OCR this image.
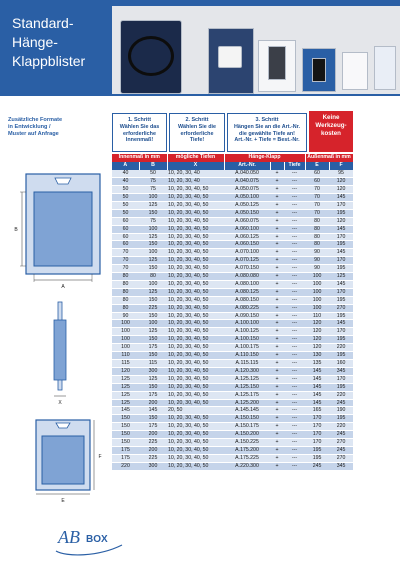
Standard-
Hänge-
Klappblister
Zusätzliche Formate
in Entwicklung /
Muster auf Anfrage
1. Schritt
Wählen Sie das
erforderliche
Innenmaß!
2. Schritt
Wählen Sie die
erforderliche
Tiefe!
3. Schritt
Hängen Sie an die Art.-Nr.
die gewählte Tiefe an!
Art.-Nr. + Tiefe = Best.-Nr.
Keine
Werkzeug-
kosten
Innenmaß in mm		mögliche Tiefen	Hänge-Klapp			Außenmaß in mm	
A	B	X	Art.-Nr.		Tiefe	E	F
40	50	10, 20, 30, 40	A.040.050	+	---	60	95
40	75	10, 20, 30, 40	A.040.075	+	---	60	120
50	75	10, 20, 30, 40, 50	A.050.075	+	---	70	120
50	100	10, 20, 30, 40, 50	A.050.100	+	---	70	145
50	125	10, 20, 30, 40, 50	A.050.125	+	---	70	170
50	150	10, 20, 30, 40, 50	A.050.150	+	---	70	195
60	75	10, 20, 30, 40, 50	A.060.075	+	---	80	120
60	100	10, 20, 30, 40, 50	A.060.100	+	---	80	145
60	125	10, 20, 30, 40, 50	A.060.125	+	---	80	170
60	150	10, 20, 30, 40, 50	A.060.150	+	---	80	195
70	100	10, 20, 30, 40, 50	A.070.100	+	---	90	145
70	125	10, 20, 30, 40, 50	A.070.125	+	---	90	170
70	150	10, 20, 30, 40, 50	A.070.150	+	---	90	195
80	80	10, 20, 30, 40, 50	A.080.080	+	---	100	125
80	100	10, 20, 30, 40, 50	A.080.100	+	---	100	145
80	125	10, 20, 30, 40, 50	A.080.125	+	---	100	170
80	150	10, 20, 30, 40, 50	A.080.150	+	---	100	195
80	225	10, 20, 30, 40, 50	A.080.225	+	---	100	270
90	150	10, 20, 30, 40, 50	A.090.150	+	---	110	195
100	100	10, 20, 30, 40, 50	A.100.100	+	---	120	145
100	125	10, 20, 30, 40, 50	A.100.125	+	---	120	170
100	150	10, 20, 30, 40, 50	A.100.150	+	---	120	195
100	175	10, 20, 30, 40, 50	A.100.175	+	---	120	220
110	150	10, 20, 30, 40, 50	A.110.150	+	---	130	195
115	115	10, 20, 30, 40, 50	A.115.115	+	---	135	160
120	300	10, 20, 30, 40, 50	A.120.300	+	---	145	345
125	125	10, 20, 30, 40, 50	A.125.125	+	---	145	170
125	150	10, 20, 30, 40, 50	A.125.150	+	---	145	195
125	175	10, 20, 30, 40, 50	A.125.175	+	---	145	220
125	200	10, 20, 30, 40, 50	A.125.200	+	---	145	245
145	145	20, 50	A.145.145	+	---	165	190
150	150	10, 20, 30, 40, 50	A.150.150	+	---	170	195
150	175	10, 20, 30, 40, 50	A.150.175	+	---	170	220
150	200	10, 20, 30, 40, 50	A.150.200	+	---	170	245
150	225	10, 20, 30, 40, 50	A.150.225	+	---	170	270
175	200	10, 20, 30, 40, 50	A.175.200	+	---	195	245
175	225	10, 20, 30, 40, 50	A.175.225	+	---	195	270
220	300	10, 20, 30, 40, 50	A.220.300	+	---	245	345
A
B
X
E
F
AB BOX
